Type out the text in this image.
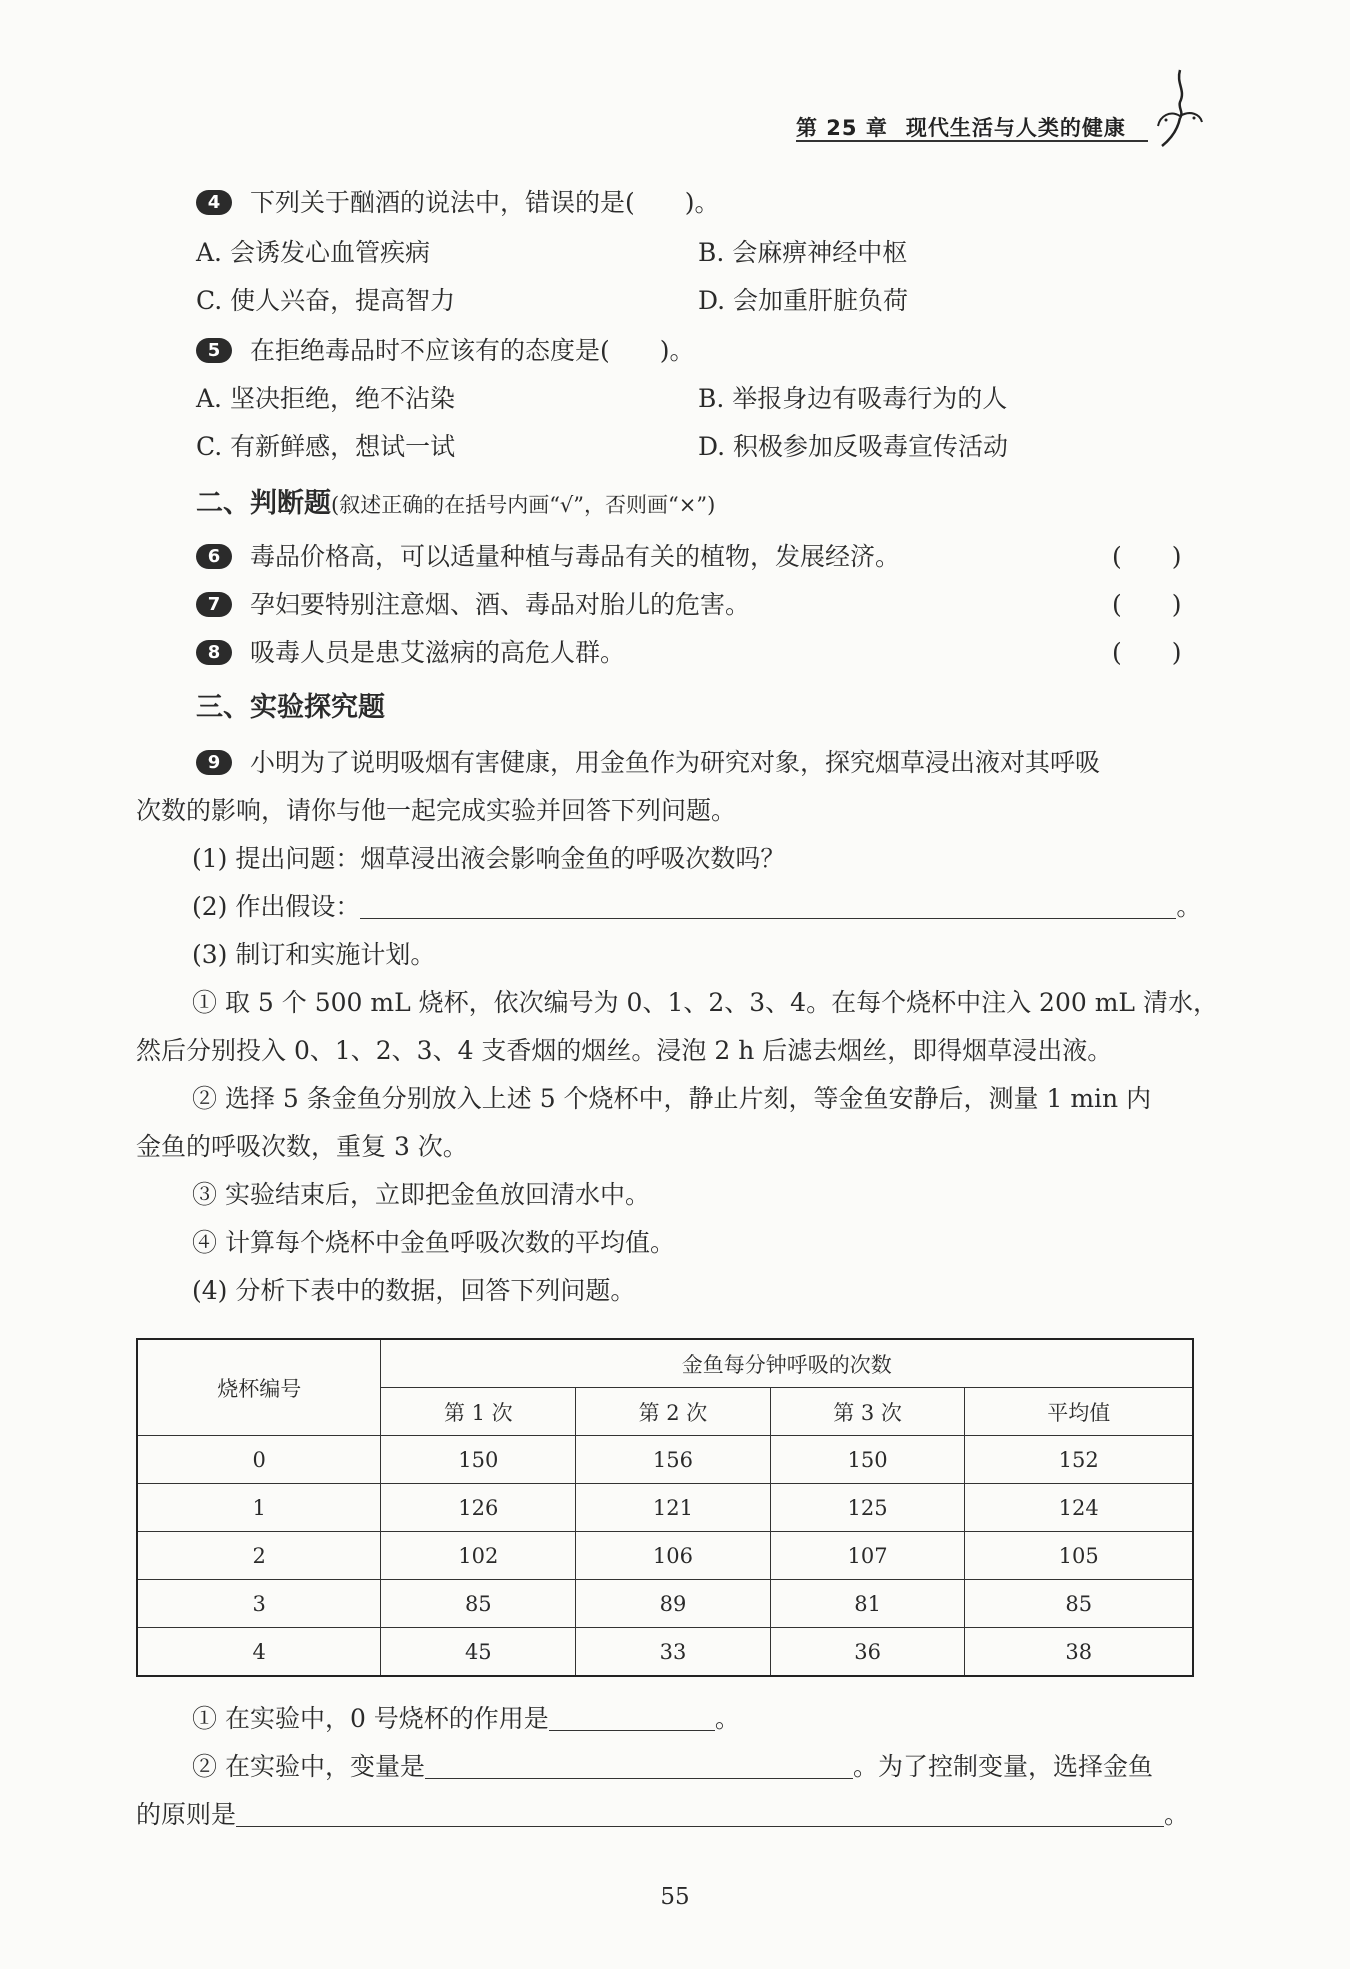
第 25 章 现代生活与人类的健康
4 下列关于酗酒的说法中，错误的是(　　)。
A. 会诱发心血管疾病	B. 会麻痹神经中枢
C. 使人兴奋，提高智力	D. 会加重肝脏负荷
5 在拒绝毒品时不应该有的态度是(　　)。
A. 坚决拒绝，绝不沾染	B. 举报身边有吸毒行为的人
C. 有新鲜感，想试一试	D. 积极参加反吸毒宣传活动
二、判断题(叙述正确的在括号内画“√”，否则画“×”)
6 毒品价格高，可以适量种植与毒品有关的植物，发展经济。	(　　)
7 孕妇要特别注意烟、酒、毒品对胎儿的危害。	(　　)
8 吸毒人员是患艾滋病的高危人群。	(　　)
三、实验探究题
9 小明为了说明吸烟有害健康，用金鱼作为研究对象，探究烟草浸出液对其呼吸
次数的影响，请你与他一起完成实验并回答下列问题。
(1) 提出问题：烟草浸出液会影响金鱼的呼吸次数吗？
(2) 作出假设：	。
(3) 制订和实施计划。
① 取 5 个 500 mL 烧杯，依次编号为 0、1、2、3、4。在每个烧杯中注入 200 mL 清水，
然后分别投入 0、1、2、3、4 支香烟的烟丝。浸泡 2 h 后滤去烟丝，即得烟草浸出液。
② 选择 5 条金鱼分别放入上述 5 个烧杯中，静止片刻，等金鱼安静后，测量 1 min 内
金鱼的呼吸次数，重复 3 次。
③ 实验结束后，立即把金鱼放回清水中。
④ 计算每个烧杯中金鱼呼吸次数的平均值。
(4) 分析下表中的数据，回答下列问题。
烧杯编号	金鱼每分钟呼吸的次数			
	第 1 次	第 2 次	第 3 次	平均值
0	150	156	150	152
1	126	121	125	124
2	102	106	107	105
3	85	89	81	85
4	45	33	36	38
① 在实验中，0 号烧杯的作用是	。
② 在实验中，变量是	。为了控制变量，选择金鱼
的原则是	。
55
